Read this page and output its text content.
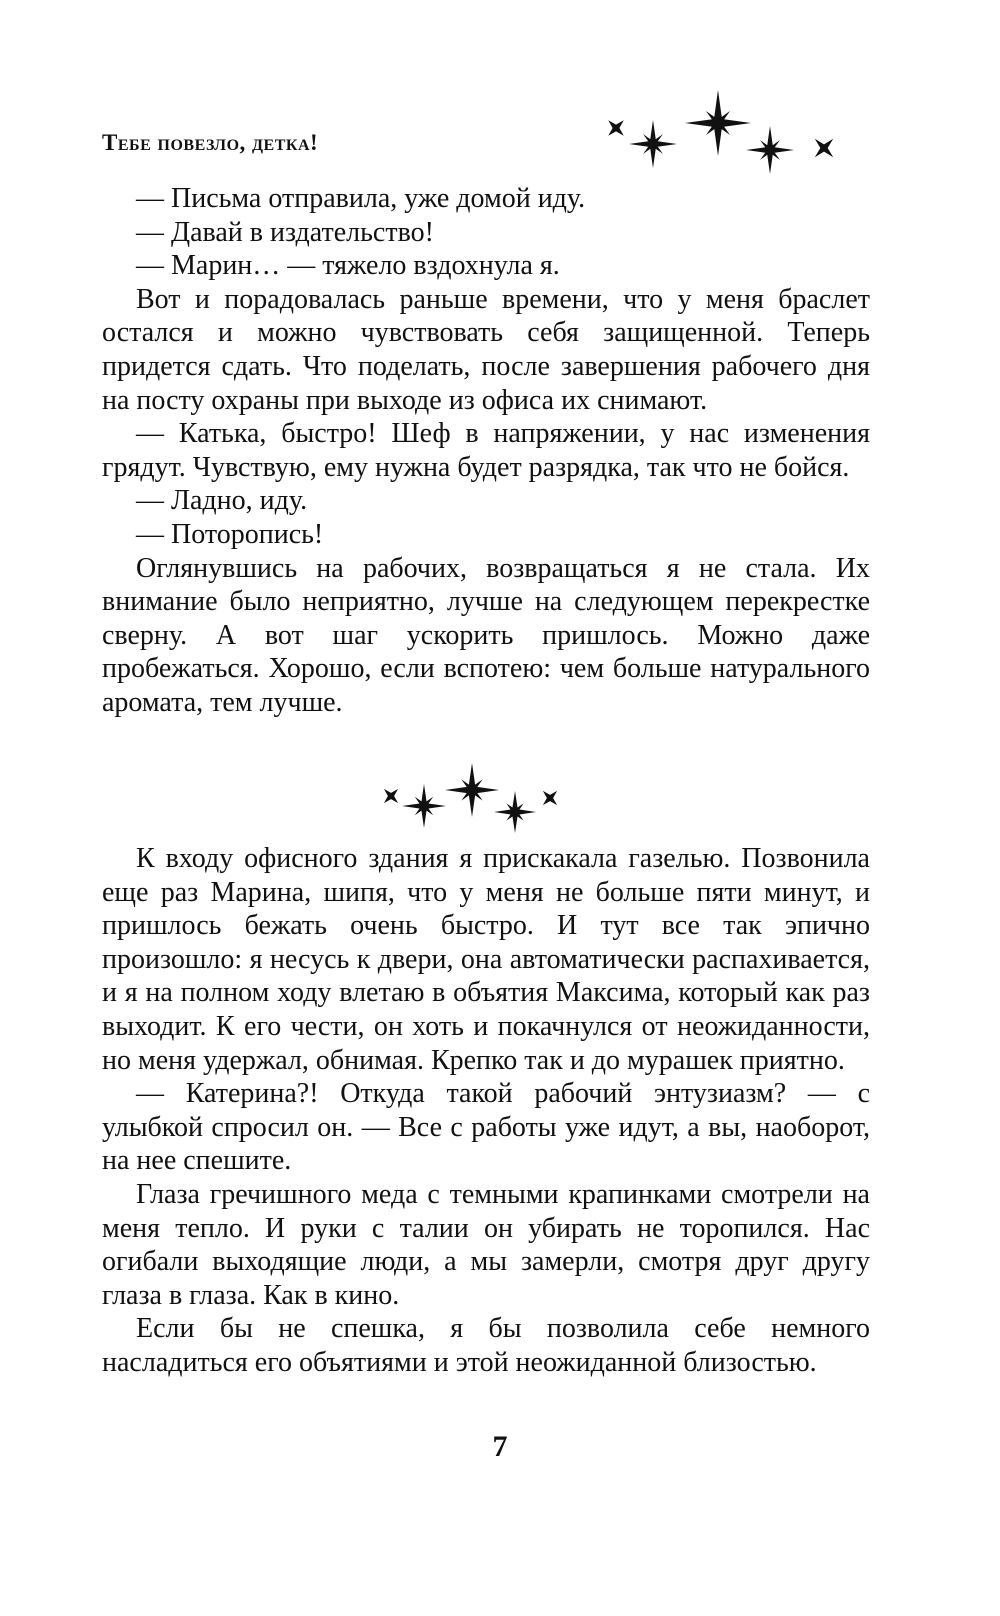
Тебе повезло, детка!

— Письма отправила, уже домой иду.

— Давай в издательство!

— Марин… — тяжело вздохнула я.

Вот и порадовалась раньше времени, что у меня браслет остался и можно чувствовать себя защищенной. Теперь придется сдать. Что поделать, после завершения рабочего дня на посту охраны при выходе из офиса их снимают.

— Катька, быстро! Шеф в напряжении, у нас изменения грядут. Чувствую, ему нужна будет разрядка, так что не бойся.

— Ладно, иду.

— Поторопись!

Оглянувшись на рабочих, возвращаться я не стала. Их внимание было неприятно, лучше на следующем перекрестке сверну. А вот шаг ускорить пришлось. Можно даже пробежаться. Хорошо, если вспотею: чем больше натурального аромата, тем лучше.

К входу офисного здания я прискакала газелью. Позвонила еще раз Марина, шипя, что у меня не больше пяти минут, и пришлось бежать очень быстро. И тут все так эпично произошло: я несусь к двери, она автоматически распахивается, и я на полном ходу влетаю в объятия Максима, который как раз выходит. К его чести, он хоть и покачнулся от неожиданности, но меня удержал, обнимая. Крепко так и до мурашек приятно.

— Катерина?! Откуда такой рабочий энтузиазм? — с улыбкой спросил он. — Все с работы уже идут, а вы, наоборот, на нее спешите.

Глаза гречишного меда с темными крапинками смотрели на меня тепло. И руки с талии он убирать не торопился. Нас огибали выходящие люди, а мы замерли, смотря друг другу глаза в глаза. Как в кино.

Если бы не спешка, я бы позволила себе немного насладиться его объятиями и этой неожиданной близостью.

7
